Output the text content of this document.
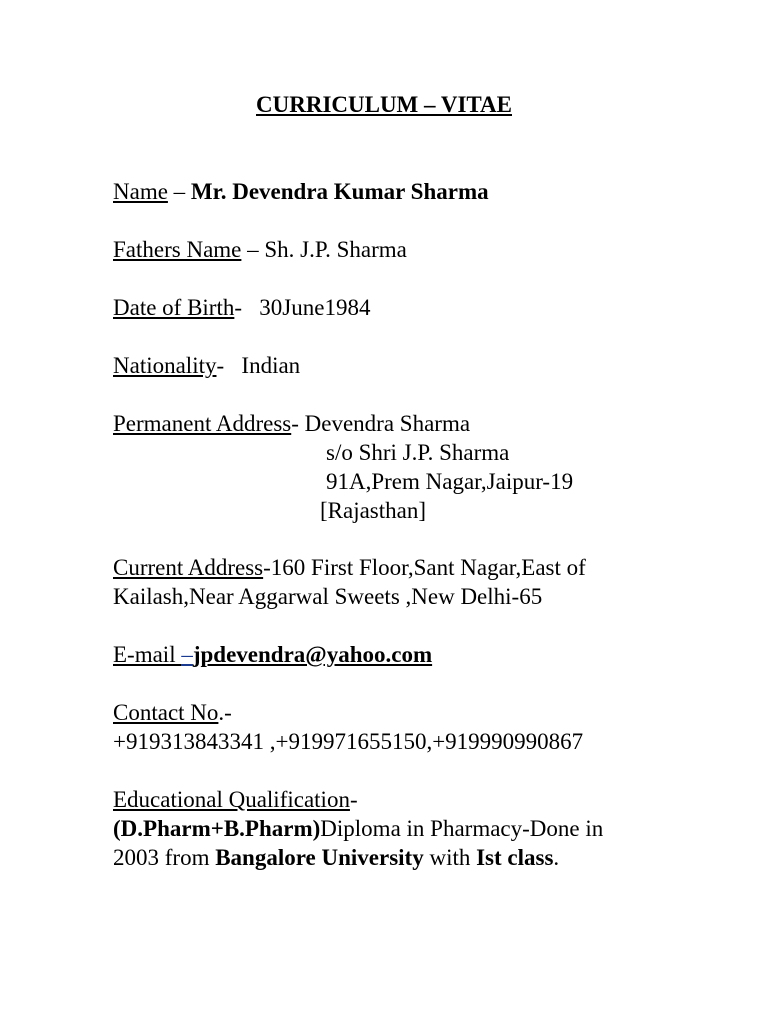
CURRICULUM – VITAE
Name – Mr. Devendra Kumar Sharma
Fathers Name – Sh. J.P. Sharma
Date of Birth-   30June1984
Nationality-   Indian
Permanent Address- Devendra Sharma
s/o Shri J.P. Sharma
91A,Prem Nagar,Jaipur-19
[Rajasthan]
Current Address-160 First Floor,Sant Nagar,East of
Kailash,Near Aggarwal Sweets ,New Delhi-65
E-mail –jpdevendra@yahoo.com
Contact No.-
+919313843341 ,+919971655150,+919990990867
Educational Qualification-
(D.Pharm+B.Pharm)Diploma in Pharmacy-Done in
2003 from Bangalore University with Ist class.
